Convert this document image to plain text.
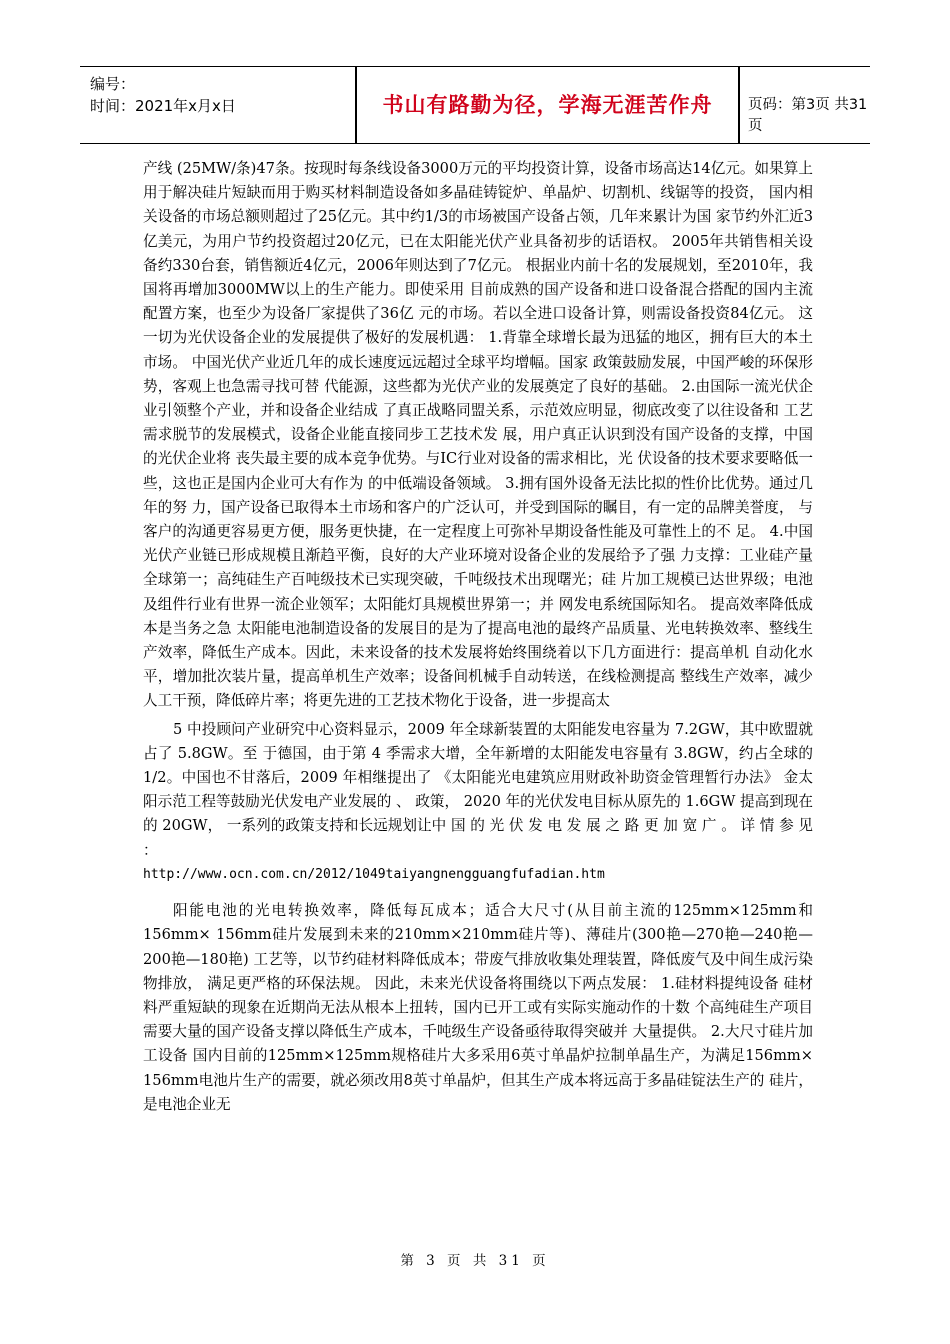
编号：
时间：2021年x月x日	书山有路勤为径，学海无涯苦作舟	页码：第3页 共31页

产线 (25MW/条)47条。按现时每条线设备3000万元的平均投资计算，设备市场高达14亿元。如果算上 用于解决硅片短缺而用于购买材料制造设备如多晶硅铸锭炉、单晶炉、切割机、线锯等的投资， 国内相关设备的市场总额则超过了25亿元。其中约1/3的市场被国产设备占领，几年来累计为国 家节约外汇近3亿美元，为用户节约投资超过20亿元，已在太阳能光伏产业具备初步的话语权。 2005年共销售相关设备约330台套，销售额近4亿元，2006年则达到了7亿元。 根据业内前十名的发展规划，至2010年，我国将再增加3000MW以上的生产能力。即使采用 目前成熟的国产设备和进口设备混合搭配的国内主流配置方案，也至少为设备厂家提供了36亿 元的市场。若以全进口设备计算，则需设备投资84亿元。 这一切为光伏设备企业的发展提供了极好的发展机遇： 1.背靠全球增长最为迅猛的地区，拥有巨大的本土市场。 中国光伏产业近几年的成长速度远远超过全球平均增幅。国家 政策鼓励发展，中国严峻的环保形势，客观上也急需寻找可替 代能源，这些都为光伏产业的发展奠定了良好的基础。 2.由国际一流光伏企业引领整个产业，并和设备企业结成 了真正战略同盟关系，示范效应明显，彻底改变了以往设备和 工艺需求脱节的发展模式，设备企业能直接同步工艺技术发 展，用户真正认识到没有国产设备的支撑，中国的光伏企业将 丧失最主要的成本竞争优势。与IC行业对设备的需求相比，光 伏设备的技术要求要略低一些，这也正是国内企业可大有作为 的中低端设备领域。 3.拥有国外设备无法比拟的性价比优势。通过几年的努 力，国产设备已取得本土市场和客户的广泛认可，并受到国际的瞩目，有一定的品牌美誉度， 与客户的沟通更容易更方便，服务更快捷，在一定程度上可弥补早期设备性能及可靠性上的不 足。 4.中国光伏产业链已形成规模且渐趋平衡，良好的大产业环境对设备企业的发展给予了强 力支撑：工业硅产量全球第一；高纯硅生产百吨级技术已实现突破，千吨级技术出现曙光；硅 片加工规模已达世界级；电池及组件行业有世界一流企业领军；太阳能灯具规模世界第一；并 网发电系统国际知名。 提高效率降低成本是当务之急 太阳能电池制造设备的发展目的是为了提高电池的最终产品质量、光电转换效率、整线生产效率，降低生产成本。因此，未来设备的技术发展将始终围绕着以下几方面进行：提高单机 自动化水平，增加批次装片量，提高单机生产效率；设备间机械手自动转送，在线检测提高 整线生产效率，减少人工干预，降低碎片率；将更先进的工艺技术物化于设备，进一步提高太

5 中投顾问产业研究中心资料显示，2009 年全球新装置的太阳能发电容量为 7.2GW，其中欧盟就占了 5.8GW。至 于德国，由于第 4 季需求大增，全年新增的太阳能发电容量有 3.8GW，约占全球的 1/2。中国也不甘落后，2009 年相继提出了 《太阳能光电建筑应用财政补助资金管理暂行办法》 金太阳示范工程等鼓励光伏发电产业发展的 、 政策， 2020 年的光伏发电目标从原先的 1.6GW 提高到现在的 20GW， 一系列的政策支持和长远规划让中 国 的 光 伏 发 电 发 展 之 路 更 加 宽 广 。 详 情 参 见 ：

http://www.ocn.com.cn/2012/1049taiyangnengguangfufadian.htm

阳能电池的光电转换效率，降低每瓦成本；适合大尺寸(从目前主流的125mm×125mm和156mm× 156mm硅片发展到未来的210mm×210mm硅片等)、薄硅片(300艳—270艳—240艳—200艳—180艳) 工艺等，以节约硅材料降低成本；带废气排放收集处理装置，降低废气及中间生成污染物排放， 满足更严格的环保法规。 因此，未来光伏设备将围绕以下两点发展： 1.硅材料提纯设备 硅材料严重短缺的现象在近期尚无法从根本上扭转，国内已开工或有实际实施动作的十数 个高纯硅生产项目需要大量的国产设备支撑以降低生产成本，千吨级生产设备亟待取得突破并 大量提供。 2.大尺寸硅片加工设备 国内目前的125mm×125mm规格硅片大多采用6英寸单晶炉拉制单晶生产，为满足156mm× 156mm电池片生产的需要，就必须改用8英寸单晶炉，但其生产成本将远高于多晶硅锭法生产的 硅片，是电池企业无

第 3 页 共 31 页
